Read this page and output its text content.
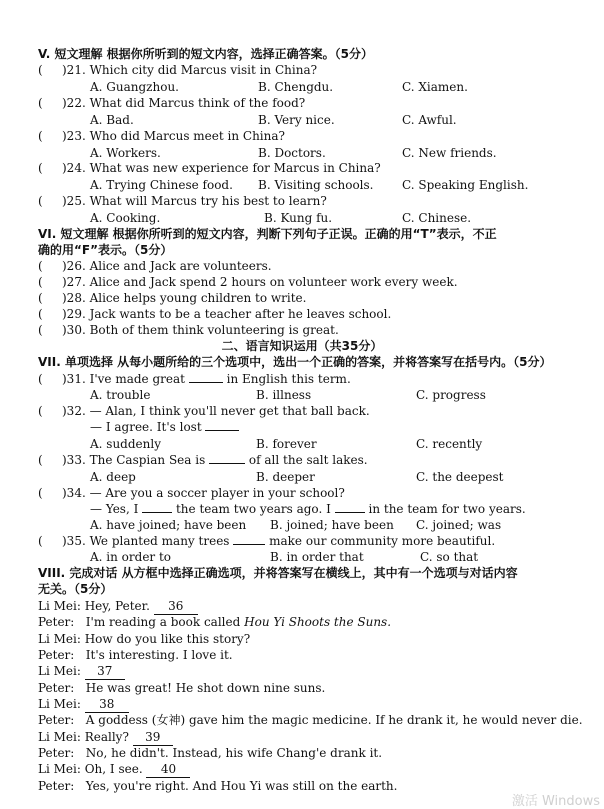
V. 短文理解 根据你所听到的短文内容，选择正确答案。（5分）
( )21. Which city did Marcus visit in China?
A. Guangzhou.	B. Chengdu.	C. Xiamen.
( )22. What did Marcus think of the food?
A. Bad.	B. Very nice.	C. Awful.
( )23. Who did Marcus meet in China?
A. Workers.	B. Doctors.	C. New friends.
( )24. What was new experience for Marcus in China?
A. Trying Chinese food. B. Visiting schools. C. Speaking English.
( )25. What will Marcus try his best to learn?
A. Cooking.	B. Kung fu.	C. Chinese.
VI. 短文理解 根据你所听到的短文内容，判断下列句子正误。正确的用“T”表示，不正
确的用“F”表示。（5分）
( )26. Alice and Jack are volunteers.
( )27. Alice and Jack spend 2 hours on volunteer work every week.
( )28. Alice helps young children to write.
( )29. Jack wants to be a teacher after he leaves school.
( )30. Both of them think volunteering is great.
二、语言知识运用（共35分）
VII. 单项选择 从每小题所给的三个选项中，选出一个正确的答案，并将答案写在括号内。（5分）
( )31. I've made great	in English this term.
A. trouble	B. illness	C. progress
( )32. — Alan, I think you'll never get that ball back.
— I agree. It's lost
A. suddenly	B. forever	C. recently
( )33. The Caspian Sea is	of all the salt lakes.
A. deep	B. deeper	C. the deepest
( )34. — Are you a soccer player in your school?
— Yes, I	the team two years ago. I	in the team for two years.
A. have joined; have been B. joined; have been C. joined; was
( )35. We planted many trees	make our community more beautiful.
A. in order to	B. in order that	C. so that
VIII. 完成对话 从方框中选择正确选项，并将答案写在横线上，其中有一个选项与对话内容
无关。（5分）
Li Mei: Hey, Peter. 36
Peter: I'm reading a book called Hou Yi Shoots the Suns.
Li Mei: How do you like this story?
Peter: It's interesting. I love it.
Li Mei: 37
Peter: He was great! He shot down nine suns.
Li Mei: 38
Peter: A goddess (女神) gave him the magic medicine. If he drank it, he would never die.
Li Mei: Really? 39
Peter: No, he didn't. Instead, his wife Chang'e drank it.
Li Mei: Oh, I see. 40
Peter: Yes, you're right. And Hou Yi was still on the earth.
激活 Windows
